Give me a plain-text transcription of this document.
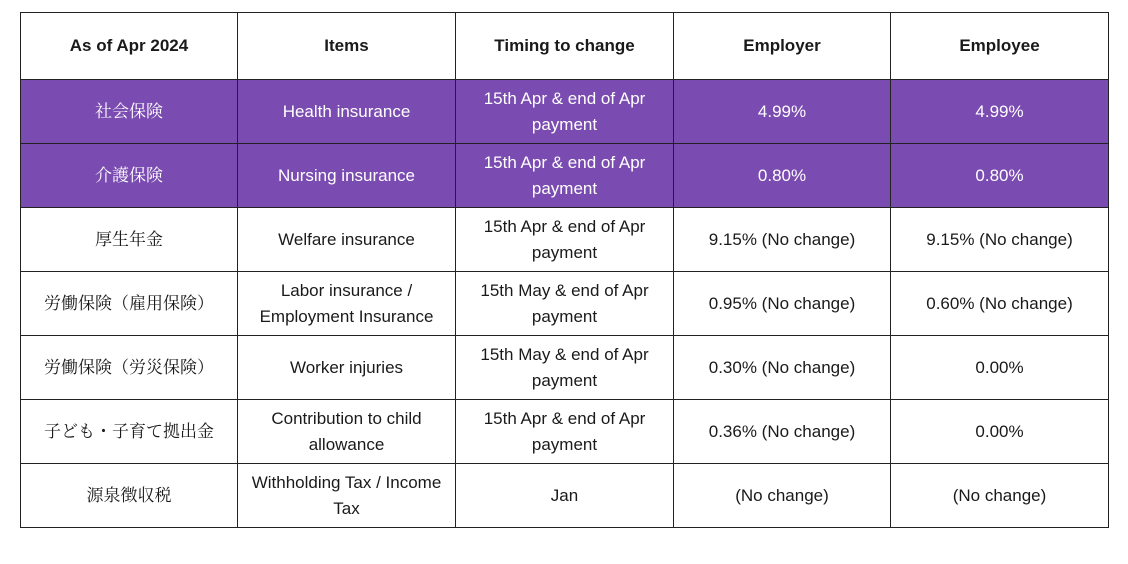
As of Apr 2024	Items	Timing to change	Employer	Employee
社会保険	Health insurance	15th Apr & end of Apr payment	4.99%	4.99%
介護保険	Nursing insurance	15th Apr & end of Apr payment	0.80%	0.80%
厚生年金	Welfare insurance	15th Apr & end of Apr payment	9.15% (No change)	9.15% (No change)
労働保険（雇用保険）	Labor insurance / Employment Insurance	15th May & end of Apr payment	0.95% (No change)	0.60% (No change)
労働保険（労災保険）	Worker injuries	15th May & end of Apr payment	0.30% (No change)	0.00%
子ども・子育て拠出金	Contribution to child allowance	15th Apr & end of Apr payment	0.36% (No change)	0.00%
源泉徴収税	Withholding Tax / Income Tax	Jan	(No change)	(No change)
